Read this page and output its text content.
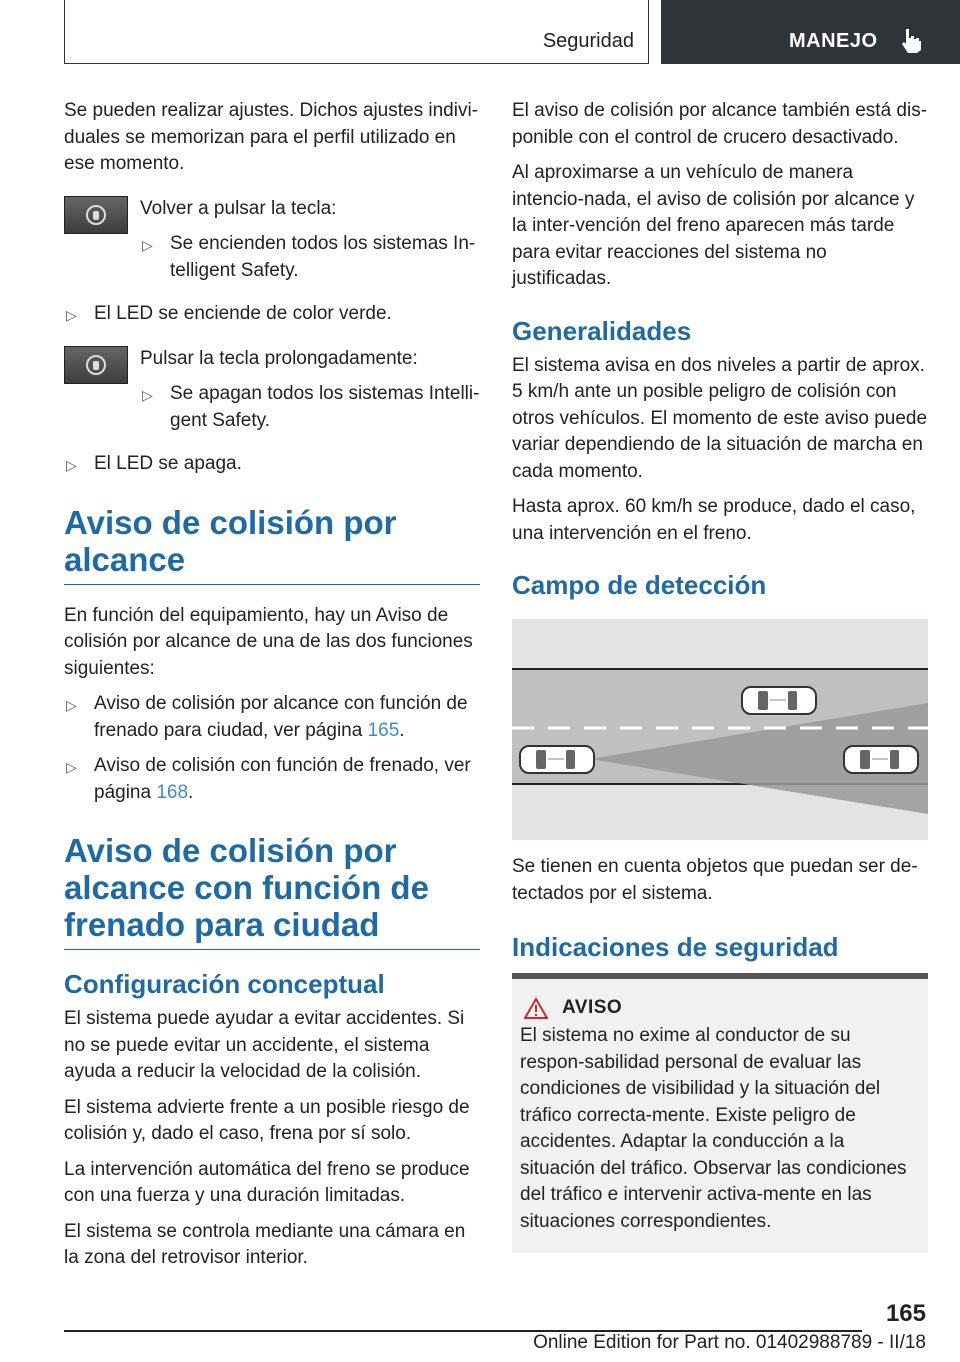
Seguridad	MANEJO

Se pueden realizar ajustes. Dichos ajustes indivi-duales se memorizan para el perfil utilizado en ese momento.

Volver a pulsar la tecla:

▷ Se encienden todos los sistemas In-telligent Safety.
▷ El LED se enciende de color verde.

Pulsar la tecla prolongadamente:

▷ Se apagan todos los sistemas Intelli-gent Safety.
▷ El LED se apaga.
Aviso de colisión por alcance

En función del equipamiento, hay un Aviso de colisión por alcance de una de las dos funciones siguientes:

▷ Aviso de colisión por alcance con función de frenado para ciudad, ver página 165.
▷ Aviso de colisión con función de frenado, ver página 168.
Aviso de colisión por alcance con función de frenado para ciudad
Configuración conceptual

El sistema puede ayudar a evitar accidentes. Si no se puede evitar un accidente, el sistema ayuda a reducir la velocidad de la colisión.

El sistema advierte frente a un posible riesgo de colisión y, dado el caso, frena por sí solo.

La intervención automática del freno se produce con una fuerza y una duración limitadas.

El sistema se controla mediante una cámara en la zona del retrovisor interior.

El aviso de colisión por alcance también está dis-ponible con el control de crucero desactivado.

Al aproximarse a un vehículo de manera intencio-nada, el aviso de colisión por alcance y la inter-vención del freno aparecen más tarde para evitar reacciones del sistema no justificadas.

Generalidades

El sistema avisa en dos niveles a partir de aprox. 5 km/h ante un posible peligro de colisión con otros vehículos. El momento de este aviso puede variar dependiendo de la situación de marcha en cada momento.

Hasta aprox. 60 km/h se produce, dado el caso, una intervención en el freno.

Campo de detección

Se tienen en cuenta objetos que puedan ser de-tectados por el sistema.

Indicaciones de seguridad
AVISO

El sistema no exime al conductor de su respon-sabilidad personal de evaluar las condiciones de visibilidad y la situación del tráfico correcta-mente. Existe peligro de accidentes. Adaptar la conducción a la situación del tráfico. Observar las condiciones del tráfico e intervenir activa-mente en las situaciones correspondientes.

165
Online Edition for Part no. 01402988789 - II/18
